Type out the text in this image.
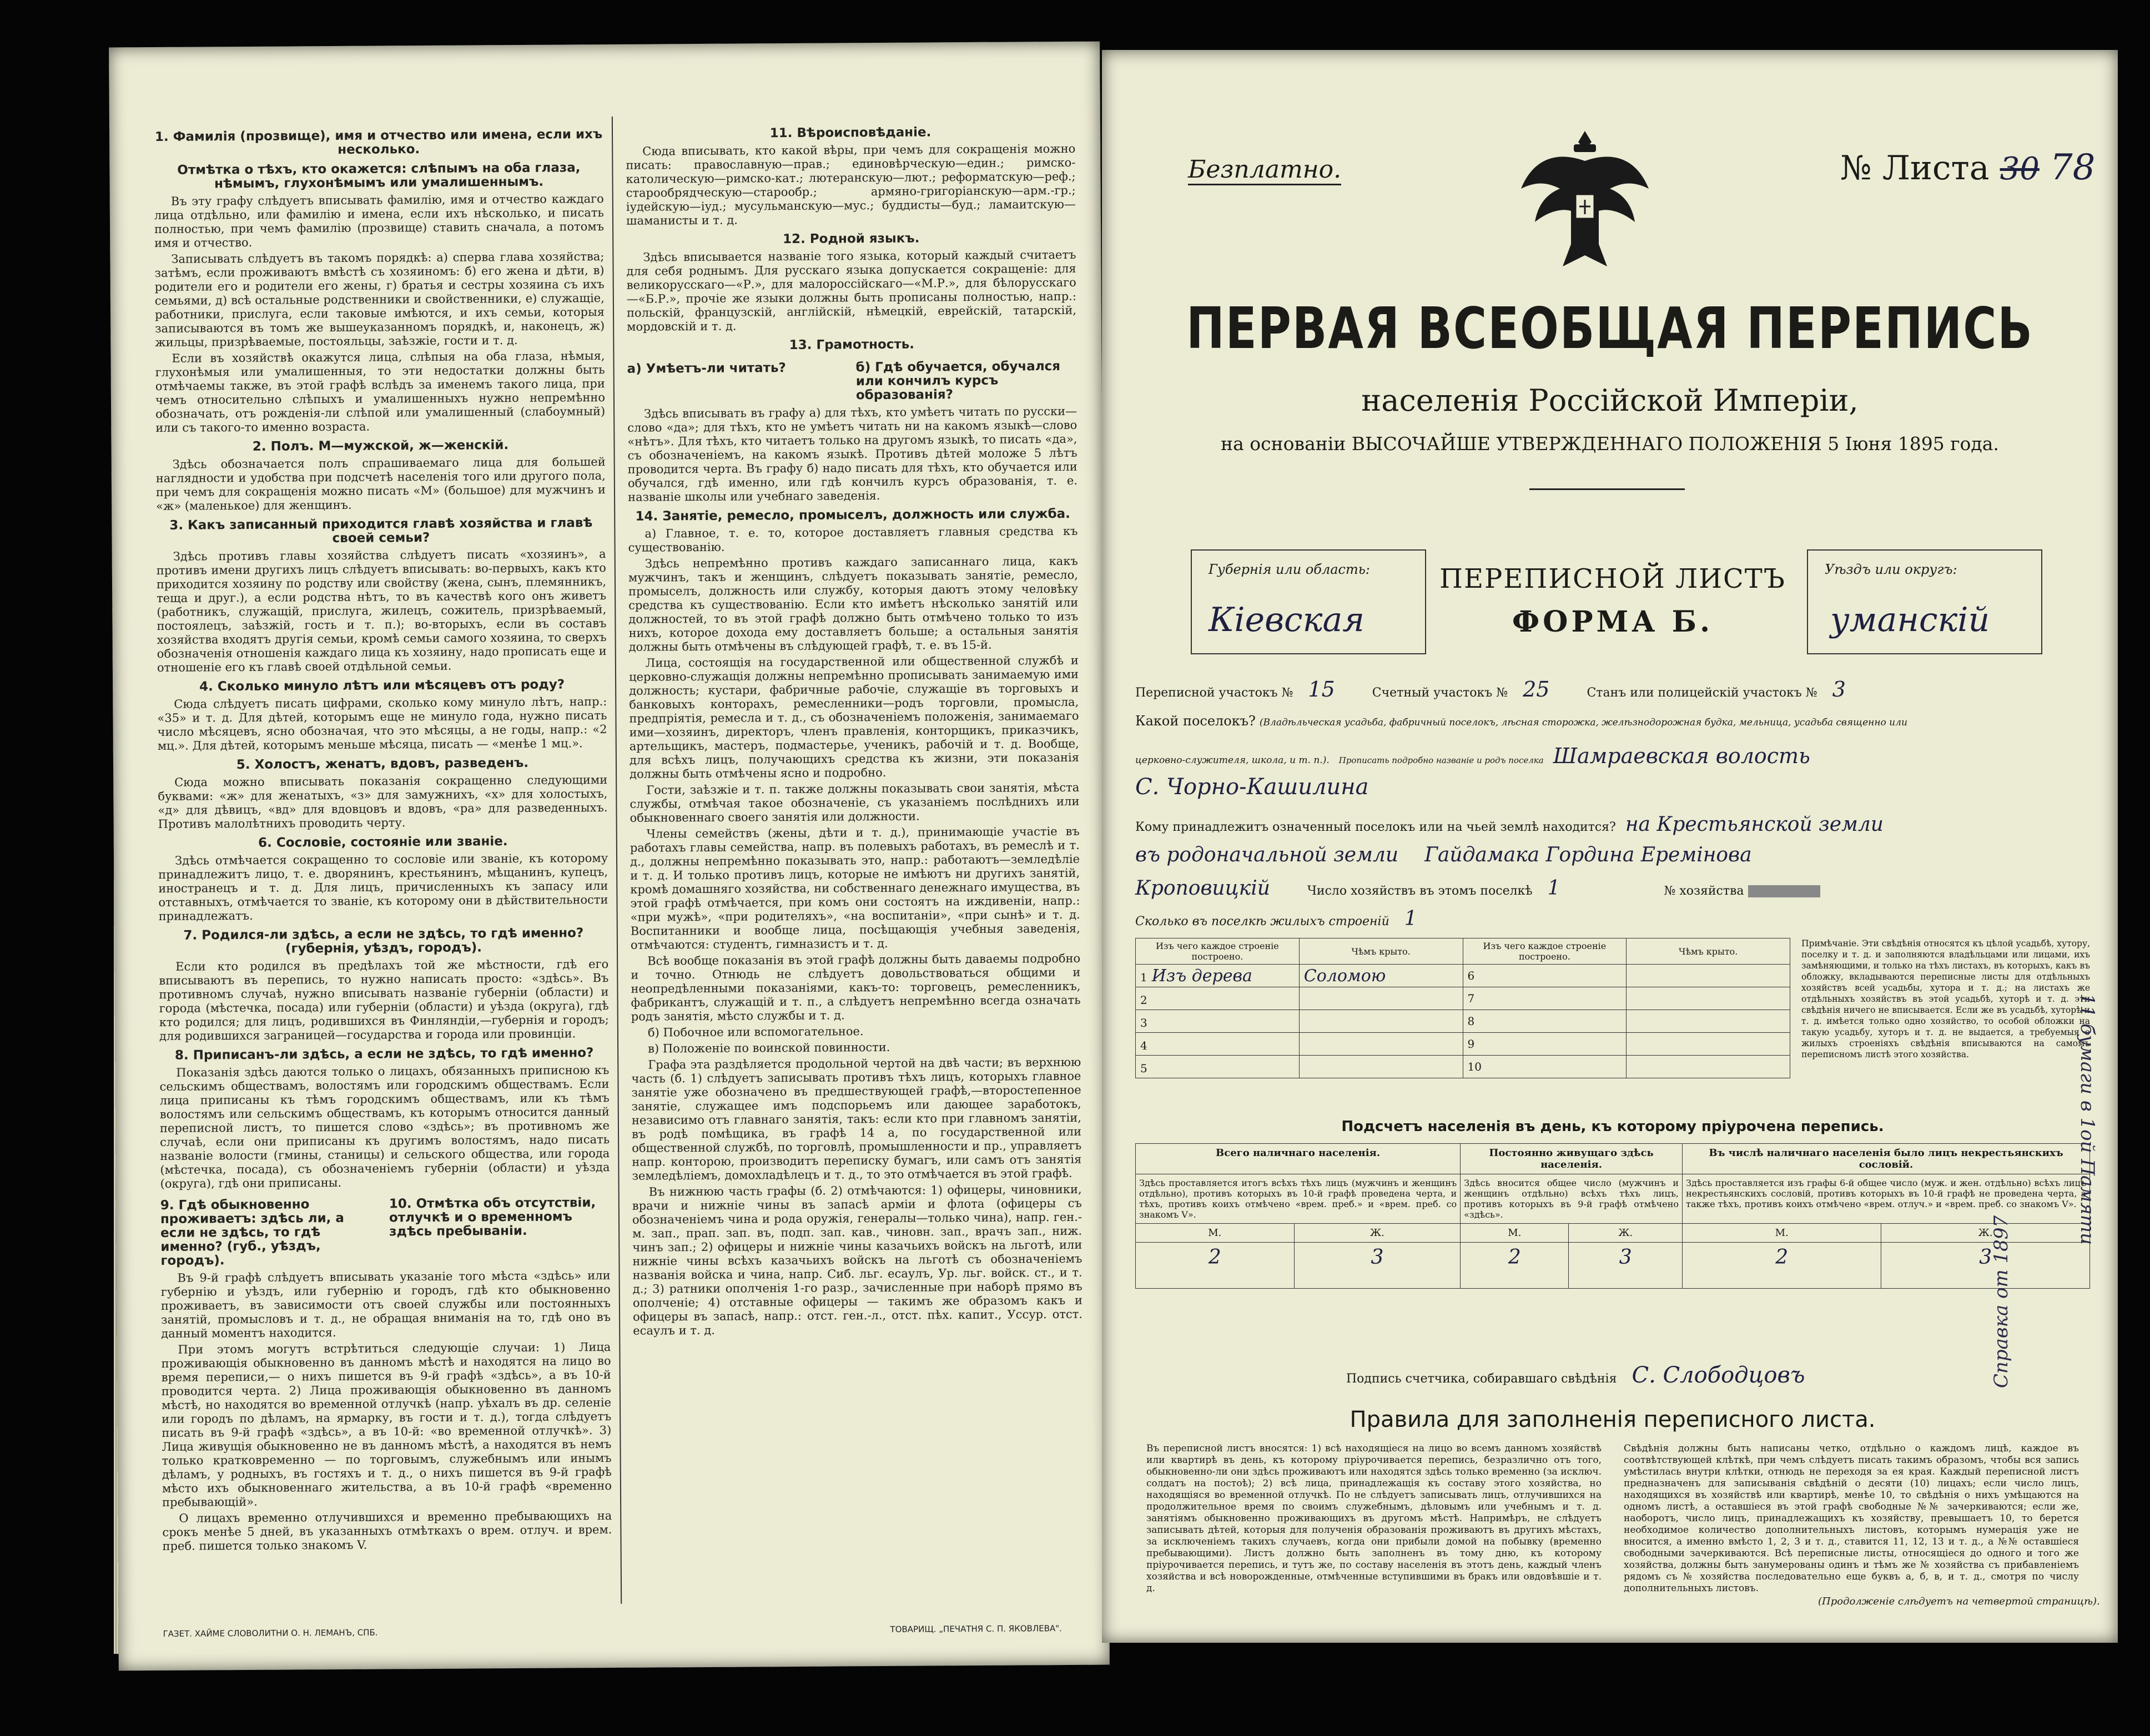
1. Фамилія (прозвище), имя и отчество или имена, если ихъ несколько.
Отмѣтка о тѣхъ, кто окажется: слѣпымъ на оба глаза, нѣмымъ, глухонѣмымъ или умалишеннымъ.

Въ эту графу слѣдуетъ вписывать фамилію, имя и отчество каждаго лица отдѣльно, или фамилію и имена, если ихъ нѣсколько, и писать полностью, при чемъ фамилію (прозвище) ставить сначала, а потомъ имя и отчество.

Записывать слѣдуетъ въ такомъ порядкѣ: а) сперва глава хозяйства; затѣмъ, если проживаютъ вмѣстѣ съ хозяиномъ: б) его жена и дѣти, в) родители его и родители его жены, г) братья и сестры хозяина съ ихъ семьями, д) всѣ остальные родственники и свойственники, е) служащіе, работники, прислуга, если таковые имѣются, и ихъ семьи, которыя записываются въ томъ же вышеуказанномъ порядкѣ, и, наконецъ, ж) жильцы, призрѣваемые, постояльцы, заѣзжіе, гости и т. д.

Если въ хозяйствѣ окажутся лица, слѣпыя на оба глаза, нѣмыя, глухонѣмыя или умалишенныя, то эти недостатки должны быть отмѣчаемы также, въ этой графѣ вслѣдъ за именемъ такого лица, при чемъ относительно слѣпыхъ и умалишенныхъ нужно непремѣнно обозначать, отъ рожденія-ли слѣпой или умалишенный (слабоумный) или съ такого-то именно возраста.

2. Полъ. М—мужской, ж—женскій.

Здѣсь обозначается полъ спрашиваемаго лица для большей наглядности и удобства при подсчетѣ населенія того или другого пола, при чемъ для сокращенія можно писать «М» (большое) для мужчинъ и «ж» (маленькое) для женщинъ.

3. Какъ записанный приходится главѣ хозяйства и главѣ своей семьи?

Здѣсь противъ главы хозяйства слѣдуетъ писать «хозяинъ», а противъ имени другихъ лицъ слѣдуетъ вписывать: во-первыхъ, какъ кто приходится хозяину по родству или свойству (жена, сынъ, племянникъ, теща и друг.), а если родства нѣтъ, то въ качествѣ кого онъ живетъ (работникъ, служащій, прислуга, жилецъ, сожитель, призрѣваемый, постоялецъ, заѣзжій, гость и т. п.); во-вторыхъ, если въ составъ хозяйства входятъ другія семьи, кромѣ семьи самого хозяина, то сверхъ обозначенія отношенія каждаго лица къ хозяину, надо прописать еще и отношеніе его къ главѣ своей отдѣльной семьи.

4. Сколько минуло лѣтъ или мѣсяцевъ отъ роду?

Сюда слѣдуетъ писать цифрами, сколько кому минуло лѣтъ, напр.: «35» и т. д. Для дѣтей, которымъ еще не минуло года, нужно писать число мѣсяцевъ, ясно обозначая, что это мѣсяцы, а не годы, напр.: «2 мц.». Для дѣтей, которымъ меньше мѣсяца, писать — «менѣе 1 мц.».

5. Холостъ, женатъ, вдовъ, разведенъ.

Сюда можно вписывать показанія сокращенно следующими буквами: «ж» для женатыхъ, «з» для замужнихъ, «х» для холостыхъ, «д» для дѣвицъ, «вд» для вдовцовъ и вдовъ, «ра» для разведенныхъ. Противъ малолѣтнихъ проводить черту.

6. Сословіе, состояніе или званіе.

Здѣсь отмѣчается сокращенно то сословіе или званіе, къ которому принадлежитъ лицо, т. е. дворянинъ, крестьянинъ, мѣщанинъ, купецъ, иностранецъ и т. д. Для лицъ, причисленныхъ къ запасу или отставныхъ, отмѣчается то званіе, къ которому они в дѣйствительности принадлежатъ.

7. Родился-ли здѣсь, а если не здѣсь, то гдѣ именно? (губернія, уѣздъ, городъ).

Если кто родился въ предѣлахъ той же мѣстности, гдѣ его вписываютъ въ перепись, то нужно написать просто: «здѣсь». Въ противномъ случаѣ, нужно вписывать названіе губерніи (области) и города (мѣстечка, посада) или губерніи (области) и уѣзда (округа), гдѣ кто родился; для лицъ, родившихся въ Финляндіи,—губернія и городъ; для родившихся заграницей—государства и города или провинціи.

8. Приписанъ-ли здѣсь, а если не здѣсь, то гдѣ именно?

Показанія здѣсь даются только о лицахъ, обязанныхъ приписною къ сельскимъ обществамъ, волостямъ или городскимъ обществамъ. Если лица приписаны къ тѣмъ городскимъ обществамъ, или къ тѣмъ волостямъ или сельскимъ обществамъ, къ которымъ относится данный переписной листъ, то пишется слово «здѣсь»; въ противномъ же случаѣ, если они приписаны къ другимъ волостямъ, надо писать названіе волости (гмины, станицы) и сельского общества, или города (мѣстечка, посада), съ обозначеніемъ губерніи (области) и уѣзда (округа), гдѣ они приписаны.

9. Гдѣ обыкновенно проживаетъ: здѣсь ли, а если не здѣсь, то гдѣ именно? (губ., уѣздъ, городъ).
10. Отмѣтка объ отсутствіи, отлучкѣ и о временномъ здѣсь пребываніи.

Въ 9-й графѣ слѣдуетъ вписывать указаніе того мѣста «здѣсь» или губернію и уѣздъ, или губернію и городъ, гдѣ кто обыкновенно проживаетъ, въ зависимости отъ своей службы или постоянныхъ занятій, промысловъ и т. д., не обращая вниманія на то, гдѣ оно въ данный моментъ находится.

При этомъ могутъ встрѣтиться следующіе случаи: 1) Лица проживающія обыкновенно въ данномъ мѣстѣ и находятся на лицо во время переписи,— о нихъ пишется въ 9-й графѣ «здѣсь», а въ 10-й проводится черта. 2) Лица проживающія обыкновенно въ данномъ мѣстѣ, но находятся во временной отлучкѣ (напр. уѣхалъ въ др. селеніе или городъ по дѣламъ, на ярмарку, въ гости и т. д.), тогда слѣдуетъ писать въ 9-й графѣ «здѣсь», а въ 10-й: «во временной отлучкѣ». 3) Лица живущія обыкновенно не въ данномъ мѣстѣ, а находятся въ немъ только кратковременно — по торговымъ, служебнымъ или инымъ дѣламъ, у родныхъ, въ гостяхъ и т. д., о нихъ пишется въ 9-й графѣ мѣсто ихъ обыкновеннаго жительства, а въ 10-й графѣ «временно пребывающій».

О лицахъ временно отлучившихся и временно пребывающихъ на срокъ менѣе 5 дней, въ указанныхъ отмѣткахъ о врем. отлуч. и врем. преб. пишется только знакомъ V.

11. Вѣроисповѣданіе.

Сюда вписывать, кто какой вѣры, при чемъ для сокращенія можно писать: православную—прав.; единовѣрческую—един.; римско-католическую—римско-кат.; лютеранскую—лют.; реформатскую—реф.; старообрядческую—старообр.; армяно-григоріанскую—арм.-гр.; іудейскую—іуд.; мусульманскую—мус.; буддисты—буд.; ламаитскую—шаманисты и т. д.

12. Родной языкъ.

Здѣсь вписывается названіе того языка, который каждый считаетъ для себя роднымъ. Для русскаго языка допускается сокращеніе: для великорусскаго—«Р.», для малороссійскаго—«М.Р.», для бѣлорусскаго—«Б.Р.», прочіе же языки должны быть прописаны полностью, напр.: польскій, французскій, англійскій, нѣмецкій, еврейскій, татарскій, мордовскій и т. д.

13. Грамотность.
а) Умѣетъ-ли читать?	б) Гдѣ обучается, обучался или кончилъ курсъ образованія?

Здѣсь вписывать въ графу а) для тѣхъ, кто умѣетъ читать по русски—слово «да»; для тѣхъ, кто не умѣетъ читать ни на какомъ языкѣ—слово «нѣтъ». Для тѣхъ, кто читаетъ только на другомъ языкѣ, то писать «да», съ обозначеніемъ, на какомъ языкѣ. Противъ дѣтей моложе 5 лѣтъ проводится черта. Въ графу б) надо писать для тѣхъ, кто обучается или обучался, гдѣ именно, или гдѣ кончилъ курсъ образованія, т. е. названіе школы или учебнаго заведенія.

14. Занятіе, ремесло, промыселъ, должность или служба.

а) Главное, т. е. то, которое доставляетъ главныя средства къ существованію.

Здѣсь непремѣнно противъ каждаго записаннаго лица, какъ мужчинъ, такъ и женщинъ, слѣдуетъ показывать занятіе, ремесло, промыселъ, должность или службу, которыя даютъ этому человѣку средства къ существованію. Если кто имѣетъ нѣсколько занятій или должностей, то въ этой графѣ должно быть отмѣчено только то изъ нихъ, которое дохода ему доставляетъ больше; а остальныя занятія должны быть отмѣчены въ слѣдующей графѣ, т. е. въ 15-й.

Лица, состоящія на государственной или общественной службѣ и церковно-служащія должны непремѣнно прописывать занимаемую ими должность; кустари, фабричные рабочіе, служащіе въ торговыхъ и банковыхъ конторахъ, ремесленники—родъ торговли, промысла, предпріятія, ремесла и т. д., съ обозначеніемъ положенія, занимаемаго ими—хозяинъ, директоръ, членъ правленія, конторщикъ, приказчикъ, артельщикъ, мастеръ, подмастерье, ученикъ, рабочій и т. д. Вообще, для всѣхъ лицъ, получающихъ средства къ жизни, эти показанія должны быть отмѣчены ясно и подробно.

Гости, заѣзжіе и т. п. также должны показывать свои занятія, мѣста службы, отмѣчая такое обозначеніе, съ указаніемъ послѣднихъ или обыкновеннаго своего занятія или должности.

Члены семействъ (жены, дѣти и т. д.), принимающіе участіе въ работахъ главы семейства, напр. въ полевыхъ работахъ, въ ремеслѣ и т. д., должны непремѣнно показывать это, напр.: работаютъ—земледѣліе и т. д. И только противъ лицъ, которые не имѣютъ ни другихъ занятій, кромѣ домашняго хозяйства, ни собственнаго денежнаго имущества, въ этой графѣ отмѣчается, при комъ они состоятъ на иждивеніи, напр.: «при мужѣ», «при родителяхъ», «на воспитаніи», «при сынѣ» и т. д. Воспитанники и вообще лица, посѣщающія учебныя заведенія, отмѣчаются: студентъ, гимназистъ и т. д.

Всѣ вообще показанія въ этой графѣ должны быть даваемы подробно и точно. Отнюдь не слѣдуетъ довольствоваться общими и неопредѣленными показаніями, какъ-то: торговецъ, ремесленникъ, фабрикантъ, служащій и т. п., а слѣдуетъ непремѣнно всегда означать родъ занятія, мѣсто службы и т. д.

б) Побочное или вспомогательное.

в) Положеніе по воинской повинности.

Графа эта раздѣляется продольной чертой на двѣ части; въ верхнюю часть (б. 1) слѣдуетъ записывать противъ тѣхъ лицъ, которыхъ главное занятіе уже обозначено въ предшествующей графѣ,—второстепенное занятіе, служащее имъ подспорьемъ или дающее заработокъ, независимо отъ главнаго занятія, такъ: если кто при главномъ занятіи, въ родѣ помѣщика, въ графѣ 14 а, по государственной или общественной службѣ, по торговлѣ, промышленности и пр., управляетъ напр. конторою, производитъ переписку бумагъ, или самъ отъ занятія земледѣліемъ, домохладѣлецъ и т. д., то это отмѣчается въ этой графѣ.

Въ нижнюю часть графы (б. 2) отмѣчаются: 1) офицеры, чиновники, врачи и нижніе чины въ запасѣ арміи и флота (офицеры съ обозначеніемъ чина и рода оружія, генералы—только чина), напр. ген.-м. зап., прап. зап. въ, подп. зап. кав., чиновн. зап., врачъ зап., ниж. чинъ зап.; 2) офицеры и нижніе чины казачьихъ войскъ на льготѣ, или нижніе чины всѣхъ казачьихъ войскъ на льготѣ съ обозначеніемъ названія войска и чина, напр. Сиб. льг. есаулъ, Ур. льг. войск. ст., и т. д.; 3) ратники ополченія 1-го разр., зачисленные при наборѣ прямо въ ополченіе; 4) отставные офицеры — такимъ же образомъ какъ и офицеры въ запасѣ, напр.: отст. ген.-л., отст. пѣх. капит., Уссур. отст. есаулъ и т. д.

ГАЗЕТ. ХАЙМЕ СЛОВОЛИТНИ О. Н. ЛЕМАНЪ, СПБ.	ТОВАРИЩ. „ПЕЧАТНЯ С. П. ЯКОВЛЕВА".
Безплатно.	№ Листа 30 78
ПЕРВАЯ ВСЕОБЩАЯ ПЕРЕПИСЬ
населенія Россійской Имперіи,
на основаніи ВЫСОЧАЙШЕ УТВЕРЖДЕННАГО ПОЛОЖЕНІЯ 5 Іюня 1895 года.
Губернія или область:
Кіевская
ПЕРЕПИСНОЙ ЛИСТЪ
ФОРМА Б.
Уѣздъ или округъ:
уманскій
Переписной участокъ № 15	Счетный участокъ № 25	Станъ или полицейскій участокъ № 3
Какой поселокъ? (Владѣльческая усадьба, фабричный поселокъ, лѣсная сторожка, желѣзнодорожная будка, мельница, усадьба священно или
церковно-служителя, школа, и т. п.). Прописать подробно названіе и родъ поселка Шамраевская волость
С. Чорно-Кашилина
Кому принадлежитъ означенный поселокъ или на чьей землѣ находится? на Крестьянской земли
въ родоначальной земли Гайдамака Гордина Еремінова
Кроповицкій	Число хозяйствъ въ этомъ поселкѣ 1	№ хозяйства
Сколько въ поселкѣ жилыхъ строеній 1
Изъ чего каждое строеніе построено.	Чѣмъ крыто.	Изъ чего каждое строеніе построено.	Чѣмъ крыто.
1 Изъ дерева	Соломою	6	
2		7	
3		8	
4		9	
5		10	
Примѣчаніе. Эти свѣдѣнія относятся къ цѣлой усадьбѣ, хутору, поселку и т. д. и заполняются владѣльцами или лицами, ихъ замѣняющими, и только на тѣхъ листахъ, въ которыхъ, какъ въ обложку, вкладываются переписные листы для отдѣльныхъ хозяйствъ всей усадьбы, хутора и т. д.; на листахъ же отдѣльныхъ хозяйствъ въ этой усадьбѣ, хуторѣ и т. д. эти свѣдѣнія ничего не вписывается. Если же въ усадьбѣ, хуторѣ и т. д. имѣется только одно хозяйство, то особой обложки на такую усадьбу, хуторъ и т. д. не выдается, а требуемыя о жилыхъ строеніяхъ свѣдѣнія вписываются на самомъ переписномъ листѣ этого хозяйства.
Подсчетъ населенія въ день, къ которому пріурочена перепись.
Всего наличнаго населенія.		Постоянно живущаго здѣсь населенія.		Въ числѣ наличнаго населенія было лицъ некрестьянскихъ сословій.	
Здѣсь проставляется итогъ всѣхъ тѣхъ лицъ (мужчинъ и женщинъ отдѣльно), противъ которыхъ въ 10-й графѣ проведена черта, и тѣхъ, противъ коихъ отмѣчено «врем. преб.» и «врем. преб. со знакомъ V».		Здѣсь вносится общее число (мужчинъ и женщинъ отдѣльно) всѣхъ тѣхъ лицъ, противъ которыхъ въ 9-й графѣ отмѣчено «здѣсь».		Здѣсь проставляется изъ графы 6-й общее число (муж. и жен. отдѣльно) всѣхъ лицъ некрестьянскихъ сословій, противъ которыхъ въ 10-й графѣ не проведена черта, а также тѣхъ, противъ коихъ отмѣчено «врем. отлуч.» и «врем. преб. со знакомъ V».	
М.	Ж.	М.	Ж.	М.	Ж.
2	3	2	3	2	3
Подпись счетчика, собиравшаго свѣдѣнія С. Слободцовъ
Правила для заполненія переписного листа.
Въ переписной листъ вносятся: 1) всѣ находящіеся на лицо во всемъ данномъ хозяйствѣ или квартирѣ въ день, къ которому пріурочивается перепись, безразлично отъ того, обыкновенно-ли они здѣсь проживаютъ или находятся здѣсь только временно (за исключ. солдатъ на постоѣ); 2) всѣ лица, принадлежащія къ составу этого хозяйства, но находящіяся во временной отлучкѣ. По не слѣдуетъ записывать лицъ, отлучившихся на продолжительное время по своимъ служебнымъ, дѣловымъ или учебнымъ и т. д. занятіямъ обыкновенно проживающихъ въ другомъ мѣстѣ. Напримѣръ, не слѣдуетъ записывать дѣтей, которыя для полученія образованія проживаютъ въ другихъ мѣстахъ, за исключеніемъ такихъ случаевъ, когда они прибыли домой на побывку (временно пребывающими). Листъ должно быть заполненъ въ тому дню, къ которому пріурочивается перепись, и тутъ же, по составу населенія въ этотъ день, каждый членъ хозяйства и всѣ новорожденные, отмѣченные вступившими въ бракъ или овдовѣвшіе и т. д.
Свѣдѣнія должны быть написаны четко, отдѣльно о каждомъ лицѣ, каждое въ соотвѣтствующей клѣткѣ, при чемъ слѣдуетъ писать такимъ образомъ, чтобы вся запись умѣстилась внутри клѣтки, отнюдь не переходя за ея края. Каждый переписной листъ предназначенъ для записыванія свѣдѣній о десяти (10) лицахъ; если число лицъ, находящихся въ хозяйствѣ или квартирѣ, менѣе 10, то свѣдѣнія о нихъ умѣщаются на одномъ листѣ, а оставшіеся въ этой графѣ свободные №№ зачеркиваются; если же, наоборотъ, число лицъ, принадлежащихъ къ хозяйству, превышаетъ 10, то берется необходимое количество дополнительныхъ листовъ, которымъ нумерація уже не вносится, а именно вмѣсто 1, 2, 3 и т. д., ставится 11, 12, 13 и т. д., а №№ оставшіеся свободными зачеркиваются. Всѣ переписные листы, относящіеся до одного и того же хозяйства, должны быть занумерованы одинъ и тѣмъ же № хозяйства съ прибавленіемъ рядомъ съ № хозяйства последовательно еще буквъ а, б, в, и т. д., смотря по числу дополнительныхъ листовъ.
(Продолженіе слѣдуетъ на четвертой страницѣ).
11 бумаги в 1ой Памяти
Справка от 1897
